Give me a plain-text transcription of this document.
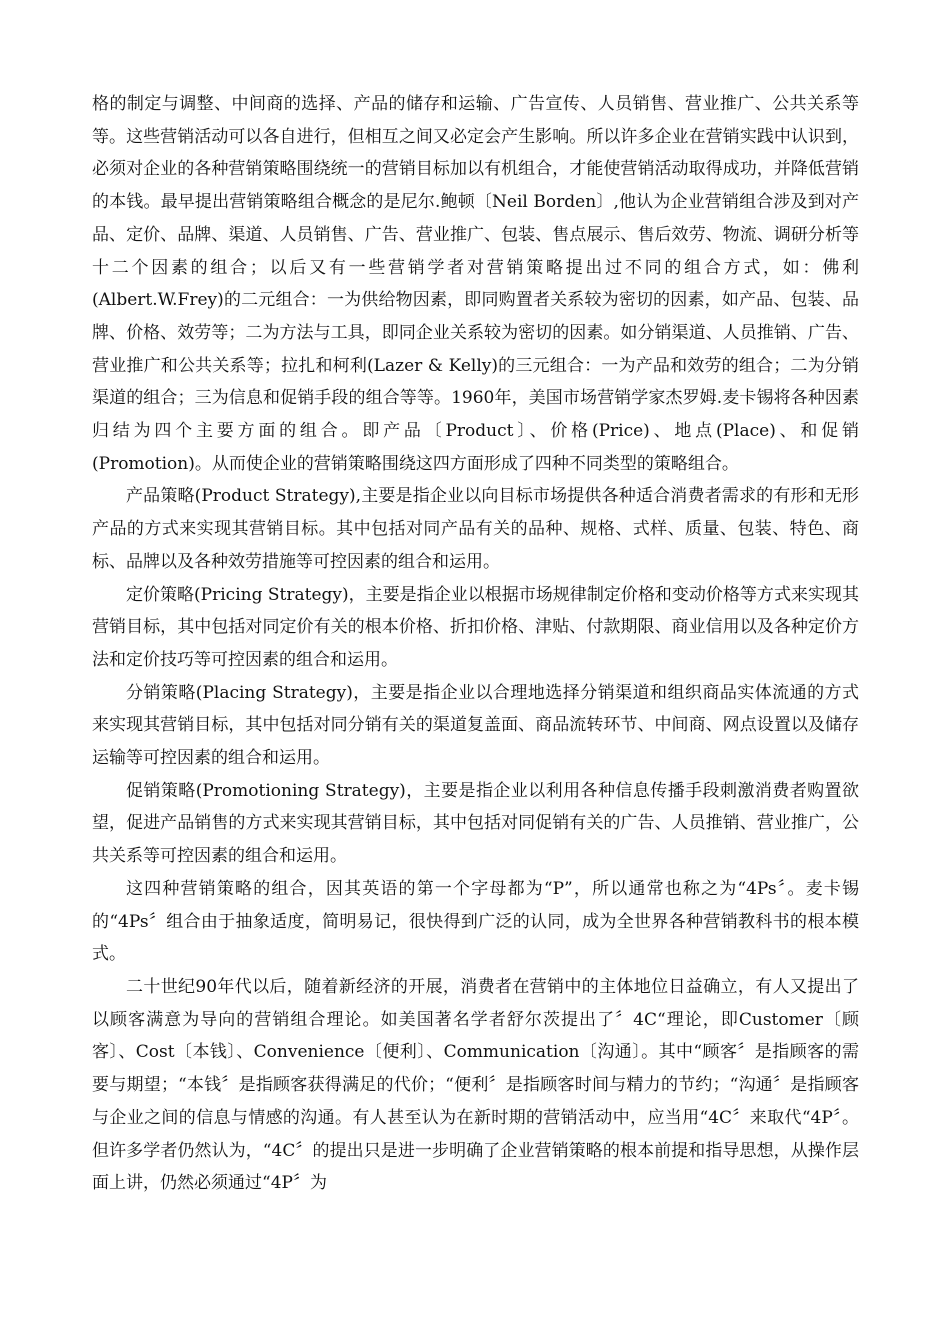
格的制定与调整、中间商的选择、产品的储存和运输、广告宣传、人员销售、营业推广、公共关系等等。这些营销活动可以各自进行，但相互之间又必定会产生影响。所以许多企业在营销实践中认识到，必须对企业的各种营销策略围绕统一的营销目标加以有机组合，才能使营销活动取得成功，并降低营销的本钱。最早提出营销策略组合概念的是尼尔.鲍顿〔Neil Borden〕,他认为企业营销组合涉及到对产品、定价、品牌、渠道、人员销售、广告、营业推广、包装、售点展示、售后效劳、物流、调研分析等十二个因素的组合；以后又有一些营销学者对营销策略提出过不同的组合方式，如：佛利(Albert.W.Frey)的二元组合：一为供给物因素，即同购置者关系较为密切的因素，如产品、包装、品牌、价格、效劳等；二为方法与工具，即同企业关系较为密切的因素。如分销渠道、人员推销、广告、营业推广和公共关系等；拉扎和柯利(Lazer & Kelly)的三元组合：一为产品和效劳的组合；二为分销渠道的组合；三为信息和促销手段的组合等等。1960年，美国市场营销学家杰罗姆.麦卡锡将各种因素归结为四个主要方面的组合。即产品〔Product〕、价格(Price)、地点(Place)、和促销(Promotion)。从而使企业的营销策略围绕这四方面形成了四种不同类型的策略组合。

产品策略(Product Strategy),主要是指企业以向目标市场提供各种适合消费者需求的有形和无形产品的方式来实现其营销目标。其中包括对同产品有关的品种、规格、式样、质量、包装、特色、商标、品牌以及各种效劳措施等可控因素的组合和运用。

定价策略(Pricing Strategy)，主要是指企业以根据市场规律制定价格和变动价格等方式来实现其营销目标，其中包括对同定价有关的根本价格、折扣价格、津贴、付款期限、商业信用以及各种定价方法和定价技巧等可控因素的组合和运用。

分销策略(Placing Strategy)，主要是指企业以合理地选择分销渠道和组织商品实体流通的方式来实现其营销目标，其中包括对同分销有关的渠道复盖面、商品流转环节、中间商、网点设置以及储存运输等可控因素的组合和运用。

促销策略(Promotioning Strategy)，主要是指企业以利用各种信息传播手段刺激消费者购置欲望，促进产品销售的方式来实现其营销目标，其中包括对同促销有关的广告、人员推销、营业推广，公共关系等可控因素的组合和运用。

这四种营销策略的组合，因其英语的第一个字母都为“P”，所以通常也称之为“4Ps〞。麦卡锡的“4Ps〞组合由于抽象适度，简明易记，很快得到广泛的认同，成为全世界各种营销教科书的根本模式。

二十世纪90年代以后，随着新经济的开展，消费者在营销中的主体地位日益确立，有人又提出了以顾客满意为导向的营销组合理论。如美国著名学者舒尔茨提出了〞4C“理论，即Customer〔顾客〕、Cost〔本钱〕、Convenience〔便利〕、Communication〔沟通〕。其中“顾客〞是指顾客的需要与期望；“本钱〞是指顾客获得满足的代价；“便利〞是指顾客时间与精力的节约；“沟通〞是指顾客与企业之间的信息与情感的沟通。有人甚至认为在新时期的营销活动中，应当用“4C〞来取代“4P〞。但许多学者仍然认为，“4C〞的提出只是进一步明确了企业营销策略的根本前提和指导思想，从操作层面上讲，仍然必须通过“4P〞为
